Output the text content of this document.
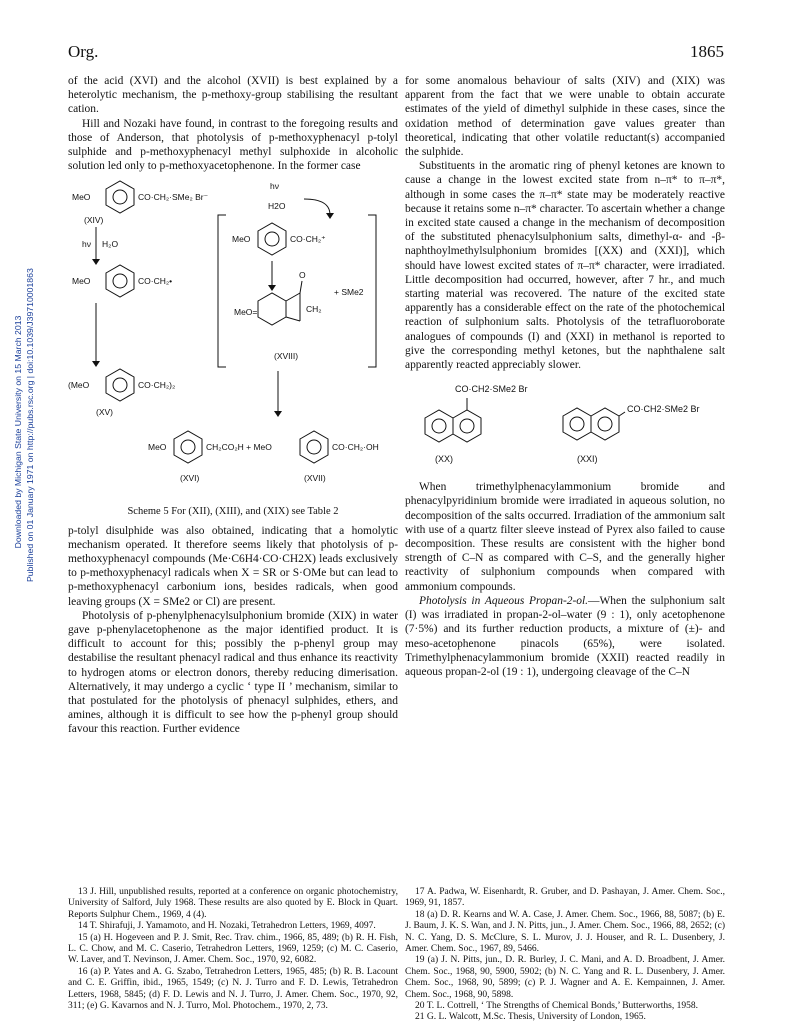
Org.	1865
Downloaded by Michigan State University on 15 March 2013 Published on 01 January 1971 on http://pubs.rsc.org | doi:10.1039/J39710001863

of the acid (XVI) and the alcohol (XVII) is best explained by a heterolytic mechanism, the p-methoxy-group stabilising the resultant cation.

Hill and Nozaki have found, in contrast to the foregoing results and those of Anderson, that photolysis of p-methoxyphenacyl p-tolyl sulphide and p-methoxyphenacyl methyl sulphoxide in alcoholic solution led only to p-methoxyacetophenone. In the former case

MeO	CO·CH₂·SMe₂ Br⁻
hν
H2O
(XIV)
hν H₂O	MeO	CO·CH₂⁺
MeO	CO·CH₂•
MeO=
O
CH₂
(XVIII)
+ SMe2
(MeO	CO·CH₂)₂
(XV)
MeO	CH₂CO₂H + MeO	CO·CH₂·OH
(XVI)	(XVII)
Scheme 5 For (XII), (XIII), and (XIX) see Table 2

p-tolyl disulphide was also obtained, indicating that a homolytic mechanism operated. It therefore seems likely that photolysis of p-methoxyphenacyl compounds (Me·C6H4·CO·CH2X) leads exclusively to p-methoxyphenacyl radicals when X = SR or S·OMe but can lead to p-methoxyphenacyl carbonium ions, besides radicals, when good leaving groups (X = SMe2 or Cl) are present.

Photolysis of p-phenylphenacylsulphonium bromide (XIX) in water gave p-phenylacetophenone as the major identified product. It is difficult to account for this; possibly the p-phenyl group may destabilise the resultant phenacyl radical and thus enhance its reactivity to hydrogen atoms or electron donors, thereby reducing dimerisation. Alternatively, it may undergo a cyclic ‘ type II ’ mechanism, similar to that postulated for the photolysis of phenacyl sulphides, ethers, and amines, although it is difficult to see how the p-phenyl group should favour this reaction. Further evidence

for some anomalous behaviour of salts (XIV) and (XIX) was apparent from the fact that we were unable to obtain accurate estimates of the yield of dimethyl sulphide in these cases, since the oxidation method of determination gave values greater than theoretical, indicating that other volatile reductant(s) accompanied the sulphide.

Substituents in the aromatic ring of phenyl ketones are known to cause a change in the lowest excited state from n–π* to π–π*, although in some cases the π–π* state may be moderately reactive because it retains some n–π* character. To ascertain whether a change in excited state caused a change in the mechanism of decomposition of the substituted phenacylsulphonium salts, dimethyl-α- and -β-naphthoylmethylsulphonium bromides [(XX) and (XXI)], which should have lowest excited states of π–π* character, were irradiated. Little decomposition had occurred, however, after 7 hr., and much starting material was recovered. The nature of the excited state apparently has a considerable effect on the rate of the photochemical reaction of sulphonium salts. Photolysis of the tetrafluoroborate analogues of compounds (I) and (XXI) in methanol is reported to give the corresponding methyl ketones, but the naphthalene salt apparently reacted appreciably slower.

CO·CH2·SMe2 Br
CO·CH2·SMe2 Br
(XX)	(XXI)

When trimethylphenacylammonium bromide and phenacylpyridinium bromide were irradiated in aqueous solution, no decomposition of the salts occurred. Irradiation of the ammonium salt with use of a quartz filter sleeve instead of Pyrex also failed to cause decomposition. These results are consistent with the higher bond strength of C–N as compared with C–S, and the generally higher reactivity of sulphonium compounds when compared with ammonium compounds.

Photolysis in Aqueous Propan-2-ol.—When the sulphonium salt (I) was irradiated in propan-2-ol–water (9 : 1), only acetophenone (7·5%) and its further reduction products, a mixture of (±)- and meso-acetophenone pinacols (65%), were isolated. Trimethylphenacylammonium bromide (XXII) reacted readily in aqueous propan-2-ol (19 : 1), undergoing cleavage of the C–N

13 J. Hill, unpublished results, reported at a conference on organic photochemistry, University of Salford, July 1968. These results are also quoted by E. Block in Quart. Reports Sulphur Chem., 1969, 4 (4).
14 T. Shirafuji, J. Yamamoto, and H. Nozaki, Tetrahedron Letters, 1969, 4097.
15 (a) H. Hogeveen and P. J. Smit, Rec. Trav. chim., 1966, 85, 489; (b) R. H. Fish, L. C. Chow, and M. C. Caserio, Tetrahedron Letters, 1969, 1259; (c) M. C. Caserio, W. Laver, and T. Nevinson, J. Amer. Chem. Soc., 1970, 92, 6082.
16 (a) P. Yates and A. G. Szabo, Tetrahedron Letters, 1965, 485; (b) R. B. Lacount and C. E. Griffin, ibid., 1965, 1549; (c) N. J. Turro and F. D. Lewis, Tetrahedron Letters, 1968, 5845; (d) F. D. Lewis and N. J. Turro, J. Amer. Chem. Soc., 1970, 92, 311; (e) G. Kavarnos and N. J. Turro, Mol. Photochem., 1970, 2, 73.
17 A. Padwa, W. Eisenhardt, R. Gruber, and D. Pashayan, J. Amer. Chem. Soc., 1969, 91, 1857.
18 (a) D. R. Kearns and W. A. Case, J. Amer. Chem. Soc., 1966, 88, 5087; (b) E. J. Baum, J. K. S. Wan, and J. N. Pitts, jun., J. Amer. Chem. Soc., 1966, 88, 2652; (c) N. C. Yang, D. S. McClure, S. L. Murov, J. J. Houser, and R. L. Dusenbery, J. Amer. Chem. Soc., 1967, 89, 5466.
19 (a) J. N. Pitts, jun., D. R. Burley, J. C. Mani, and A. D. Broadbent, J. Amer. Chem. Soc., 1968, 90, 5900, 5902; (b) N. C. Yang and R. L. Dusenbery, J. Amer. Chem. Soc., 1968, 90, 5899; (c) P. J. Wagner and A. E. Kempainnen, J. Amer. Chem. Soc., 1968, 90, 5898.
20 T. L. Cottrell, ‘ The Strengths of Chemical Bonds,’ Butterworths, 1958.
21 G. L. Walcott, M.Sc. Thesis, University of London, 1965.
